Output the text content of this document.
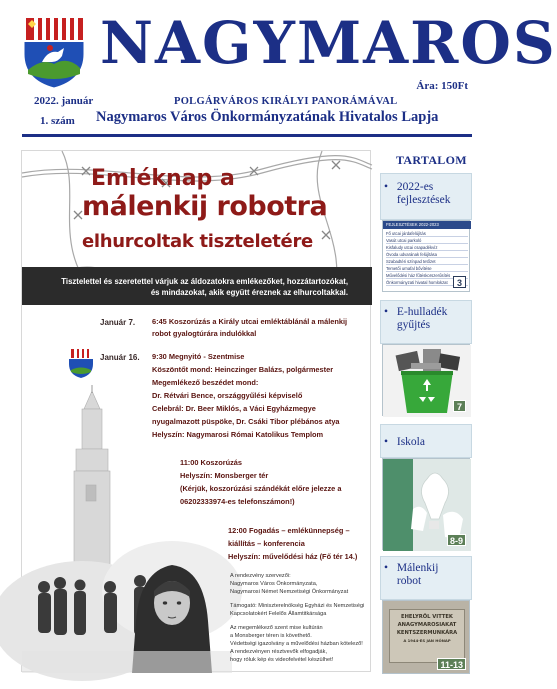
NAGYMAROS
Ára: 150Ft
2022. január
1. szám
POLGÁRVÁROS KIRÁLYI PANORÁMÁVAL
Nagymaros Város Önkormányzatának Hivatalos Lapja
Emléknap a
málenkij robotra
elhurcoltak tiszteletére
Tisztelettel és szeretettel várjuk az áldozatokra emlékezőket, hozzátartozókat,
és mindazokat, akik együtt éreznek az elhurcoltakkal.
Január 7. 6:45 Koszorúzás a Király utcai emléktáblánál a málenkij
robot gyalogtúrára indulókkal
Január 16. 9:30 Megnyitó - Szentmise
Köszöntőt mond: Heinczinger Balázs, polgármester
Megemlékező beszédet mond:
Dr. Rétvári Bence, országgyűlési képviselő
Celebrál: Dr. Beer Miklós, a Váci Egyházmegye
nyugalmazott püspöke, Dr. Csáki Tibor plébános atya
Helyszín: Nagymarosi Római Katolikus Templom
11:00 Koszorúzás
Helyszín: Monsberger tér
(Kérjük, koszorúzási szándékát előre jelezze a
06202333974-es telefonszámon!)
12:00 Fogadás – emlékünnepség –
kiállítás – konferencia
Helyszín: művelődési ház (Fő tér 14.)
A rendezvény szervezői:
Nagymaros Város Önkormányzata,
Nagymarosi Német Nemzetiségi Önkormányzat
Támogató: Miniszterelnökség Egyházi és Nemzetiségi
Kapcsolatokért Felelős Államtitkársága
Az megemlékező szent mise kultúrán
a Monsberger téren is követhető.
Védettségi igazolvány a művelődési házban kötelező!
A rendezvényen résztvevők elfogadják,
hogy róluk kép és videofelvétel készülhet!
TARTALOM
• 2022-es
fejlesztések
FEJLESZTÉSEK 2022-2023
Fő utcai járdafelújítás
Vasút utcai parkoló
Kisfaludy utcai csapadékvíz
Óvoda udvarának felújítása
Szabadtéri színpad tetőzet
Temetői urnafal bővítése
Művelődési ház fűtéskorszerűsítés
Önkormányzati hivatal homlokzat	3
• E-hulladék
gyűjtés
7
• Iskola
8-9
• Málenkij
robot
EHELYRŐL VITTEK
ANAGYMAROSIAKAT
KENTSZERMUNKÁRA
A 1944-ES JAN HÓNAP
11-13
